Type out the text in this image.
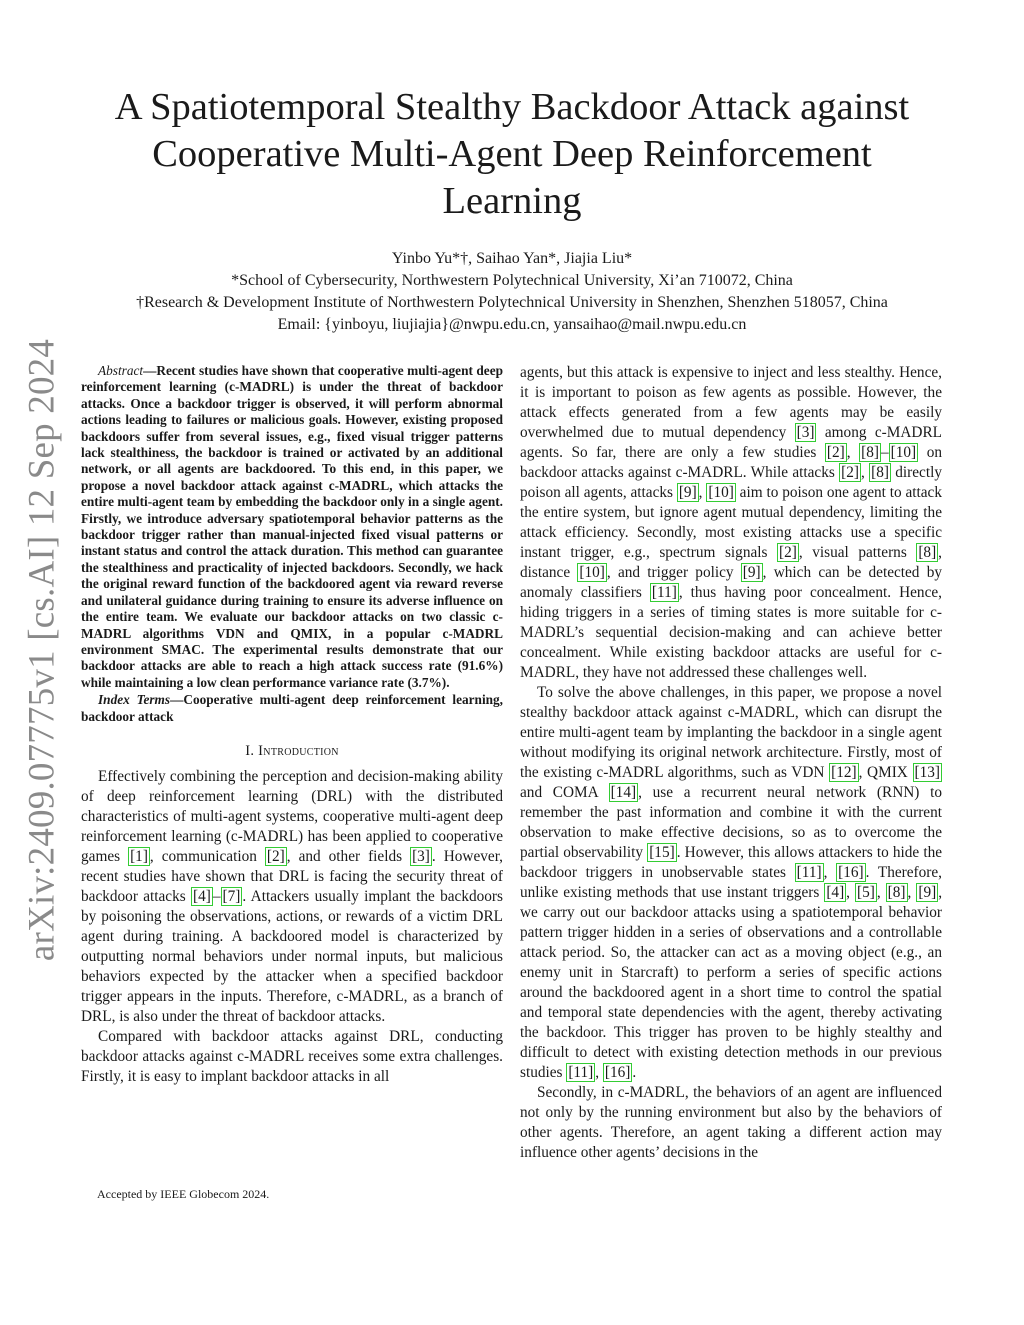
arXiv:2409.07775v1 [cs.AI] 12 Sep 2024
A Spatiotemporal Stealthy Backdoor Attack against Cooperative Multi-Agent Deep Reinforcement Learning
Yinbo Yu*†, Saihao Yan*, Jiajia Liu*
*School of Cybersecurity, Northwestern Polytechnical University, Xi’an 710072, China
†Research & Development Institute of Northwestern Polytechnical University in Shenzhen, Shenzhen 518057, China
Email: {yinboyu, liujiajia}@nwpu.edu.cn, yansaihao@mail.nwpu.edu.cn

Abstract—Recent studies have shown that cooperative multi-agent deep reinforcement learning (c-MADRL) is under the threat of backdoor attacks. Once a backdoor trigger is observed, it will perform abnormal actions leading to failures or malicious goals. However, existing proposed backdoors suffer from several issues, e.g., fixed visual trigger patterns lack stealthiness, the backdoor is trained or activated by an additional network, or all agents are backdoored. To this end, in this paper, we propose a novel backdoor attack against c-MADRL, which attacks the entire multi-agent team by embedding the backdoor only in a single agent. Firstly, we introduce adversary spatiotemporal behavior patterns as the backdoor trigger rather than manual-injected fixed visual patterns or instant status and control the attack duration. This method can guarantee the stealthiness and practicality of injected backdoors. Secondly, we hack the original reward function of the backdoored agent via reward reverse and unilateral guidance during training to ensure its adverse influence on the entire team. We evaluate our backdoor attacks on two classic c-MADRL algorithms VDN and QMIX, in a popular c-MADRL environment SMAC. The experimental results demonstrate that our backdoor attacks are able to reach a high attack success rate (91.6%) while maintaining a low clean performance variance rate (3.7%).

Index Terms—Cooperative multi-agent deep reinforcement learning, backdoor attack

I. Introduction

Effectively combining the perception and decision-making ability of deep reinforcement learning (DRL) with the distributed characteristics of multi-agent systems, cooperative multi-agent deep reinforcement learning (c-MADRL) has been applied to cooperative games [1] , communication [2] , and other fields [3] . However, recent studies have shown that DRL is facing the security threat of backdoor attacks [4] – [7] . Attackers usually implant the backdoors by poisoning the observations, actions, or rewards of a victim DRL agent during training. A backdoored model is characterized by outputting normal behaviors under normal inputs, but malicious behaviors expected by the attacker when a specified backdoor trigger appears in the inputs. Therefore, c-MADRL, as a branch of DRL, is also under the threat of backdoor attacks.

Compared with backdoor attacks against DRL, conducting backdoor attacks against c-MADRL receives some extra challenges. Firstly, it is easy to implant backdoor attacks in all

agents, but this attack is expensive to inject and less stealthy. Hence, it is important to poison as few agents as possible. However, the attack effects generated from a few agents may be easily overwhelmed due to mutual dependency [3] among c-MADRL agents. So far, there are only a few studies [2] , [8] – [10] on backdoor attacks against c-MADRL. While attacks [2] , [8] directly poison all agents, attacks [9] , [10] aim to poison one agent to attack the entire system, but ignore agent mutual dependency, limiting the attack efficiency. Secondly, most existing attacks use a specific instant trigger, e.g., spectrum signals [2] , visual patterns [8] , distance [10] , and trigger policy [9] , which can be detected by anomaly classifiers [11] , thus having poor concealment. Hence, hiding triggers in a series of timing states is more suitable for c-MADRL’s sequential decision-making and can achieve better concealment. While existing backdoor attacks are useful for c-MADRL, they have not addressed these challenges well.

To solve the above challenges, in this paper, we propose a novel stealthy backdoor attack against c-MADRL, which can disrupt the entire multi-agent team by implanting the backdoor in a single agent without modifying its original network architecture. Firstly, most of the existing c-MADRL algorithms, such as VDN [12] , QMIX [13] and COMA [14] , use a recurrent neural network (RNN) to remember the past information and combine it with the current observation to make effective decisions, so as to overcome the partial observability [15] . However, this allows attackers to hide the backdoor triggers in unobservable states [11] , [16] . Therefore, unlike existing methods that use instant triggers [4] , [5] , [8] , [9] , we carry out our backdoor attacks using a spatiotemporal behavior pattern trigger hidden in a series of observations and a controllable attack period. So, the attacker can act as a moving object (e.g., an enemy unit in Starcraft) to perform a series of specific actions around the backdoored agent in a short time to control the spatial and temporal state dependencies with the agent, thereby activating the backdoor. This trigger has proven to be highly stealthy and difficult to detect with existing detection methods in our previous studies [11] , [16] .

Secondly, in c-MADRL, the behaviors of an agent are influenced not only by the running environment but also by the behaviors of other agents. Therefore, an agent taking a different action may influence other agents’ decisions in the

Accepted by IEEE Globecom 2024.
